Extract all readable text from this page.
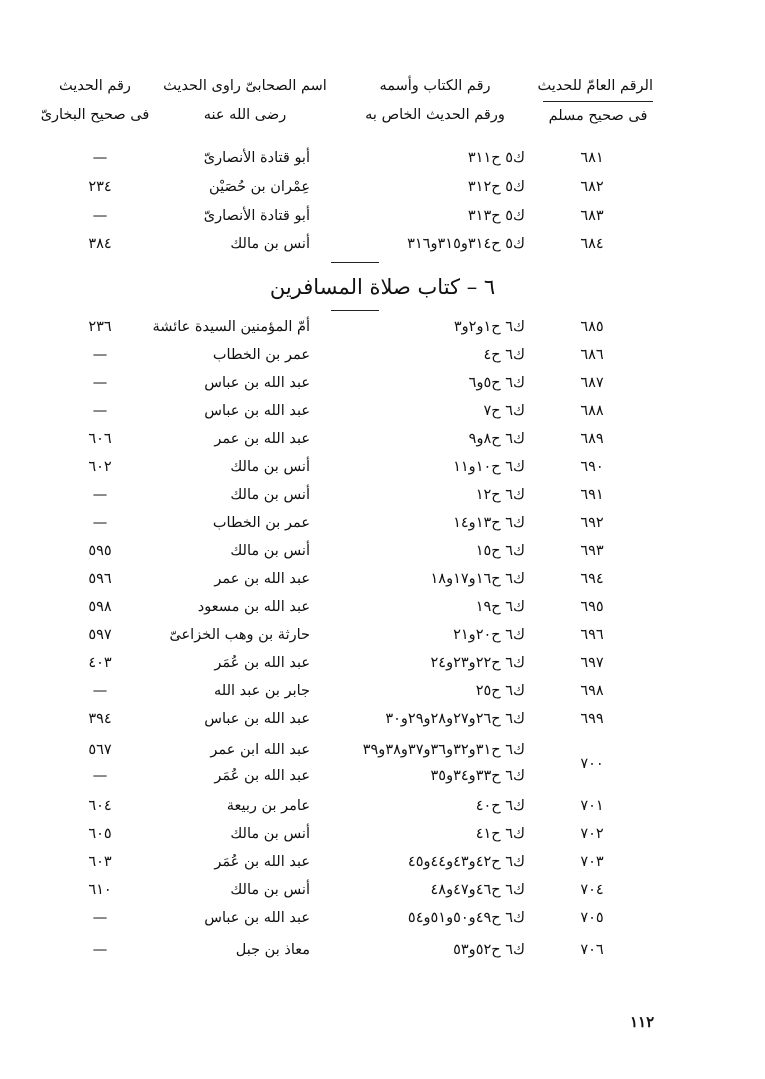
الرقم العامّ للحديث
فى صحيح مسلم
رقم الكتاب وأسمه
ورقم الحديث الخاص به
اسم الصحابىّ راوى الحديث
رضى الله عنه
رقم الحديث
فى صحيح البخارىّ
٦٨١
ك٥ ح٣١١
أبو قتادة الأنصارىّ
—
٦٨٢
ك٥ ح٣١٢
عِمْران بن حُصَيْن
٢٣٤
٦٨٣
ك٥ ح٣١٣
أبو قتادة الأنصارىّ
—
٦٨٤
ك٥ ح٣١٤و٣١٥و٣١٦
أنس بن مالك
٣٨٤
٦ – كتاب صلاة المسافرين
٦٨٥
ك٦ ح١و٢و٣
أمّ المؤمنين السيدة عائشة
٢٣٦
٦٨٦
ك٦ ح٤
عمر بن الخطاب
—
٦٨٧
ك٦ ح٥و٦
عبد الله بن عباس
—
٦٨٨
ك٦ ح٧
عبد الله بن عباس
—
٦٨٩
ك٦ ح٨و٩
عبد الله بن عمر
٦٠٦
٦٩٠
ك٦ ح١٠و١١
أنس بن مالك
٦٠٢
٦٩١
ك٦ ح١٢
أنس بن مالك
—
٦٩٢
ك٦ ح١٣و١٤
عمر بن الخطاب
—
٦٩٣
ك٦ ح١٥
أنس بن مالك
٥٩٥
٦٩٤
ك٦ ح١٦و١٧و١٨
عبد الله بن عمر
٥٩٦
٦٩٥
ك٦ ح١٩
عبد الله بن مسعود
٥٩٨
٦٩٦
ك٦ ح٢٠و٢١
حارثة بن وهب الخزاعىّ
٥٩٧
٦٩٧
ك٦ ح٢٢و٢٣و٢٤
عبد الله بن عُمَر
٤٠٣
٦٩٨
ك٦ ح٢٥
جابر بن عبد الله
—
٦٩٩
ك٦ ح٢٦و٢٧و٢٨و٢٩و٣٠
عبد الله بن عباس
٣٩٤
٧٠٠
ك٦ ح٣١و٣٢و٣٦و٣٧و٣٨و٣٩
ك٦ ح٣٣و٣٤و٣٥
عبد الله ابن عمر
عبد الله بن عُمَر
٥٦٧
—
٧٠١
ك٦ ح٤٠
عامر بن ربيعة
٦٠٤
٧٠٢
ك٦ ح٤١
أنس بن مالك
٦٠٥
٧٠٣
ك٦ ح٤٢و٤٣و٤٤و٤٥
عبد الله بن عُمَر
٦٠٣
٧٠٤
ك٦ ح٤٦و٤٧و٤٨
أنس بن مالك
٦١٠
٧٠٥
ك٦ ح٤٩و٥٠و٥١و٥٤
عبد الله بن عباس
—
٧٠٦
ك٦ ح٥٢و٥٣
معاذ بن جبل
—
١١٢
